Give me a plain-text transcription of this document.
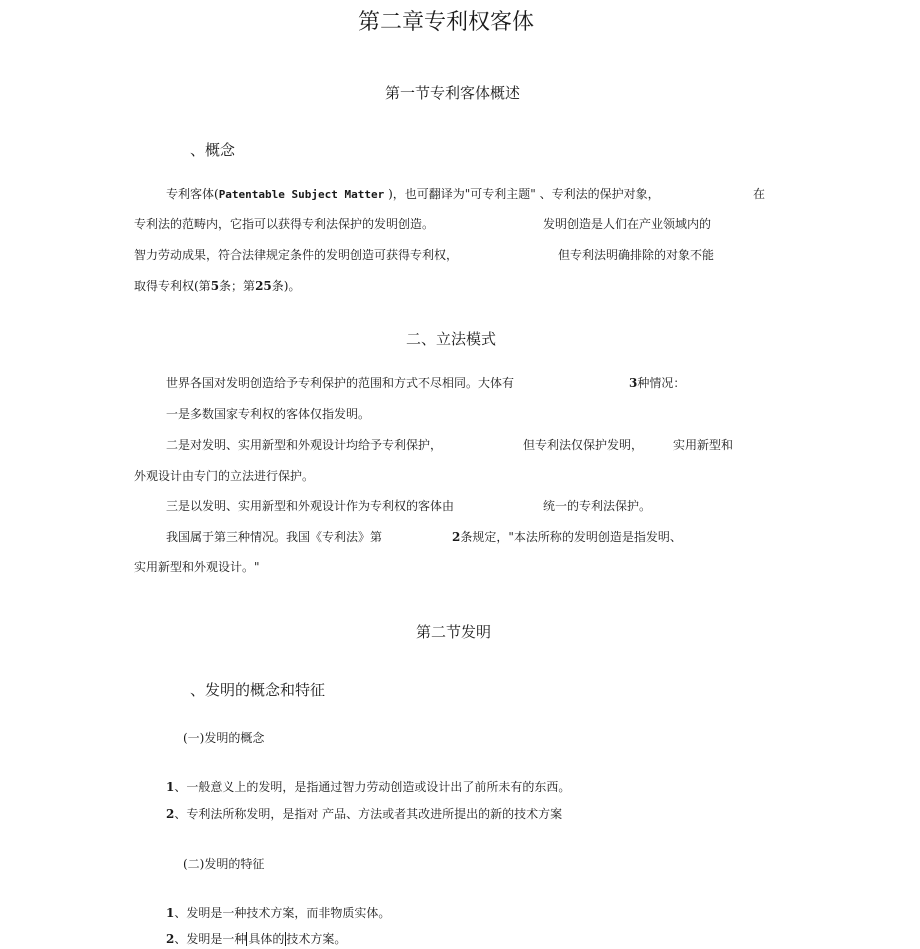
第二章专利权客体
第一节专利客体概述
、概念
专利客体(Patentable Subject Matter )，也可翻译为"可专利主题" 、专利法的保护对象，	在
专利法的范畴内，它指可以获得专利法保护的发明创造。	发明创造是人们在产业领域内的
智力劳动成果，符合法律规定条件的发明创造可获得专利权，	但专利法明确排除的对象不能
取得专利权(第5条；第25条)。
二、立法模式
世界各国对发明创造给予专利保护的范围和方式不尽相同。大体有	3种情况：
一是多数国家专利权的客体仅指发明。
二是对发明、实用新型和外观设计均给予专利保护，	但专利法仅保护发明， 实用新型和
外观设计由专门的立法进行保护。
三是以发明、实用新型和外观设计作为专利权的客体由	统一的专利法保护。
我国属于第三种情况。我国《专利法》第	2条规定，"本法所称的发明创造是指发明、
实用新型和外观设计。"
第二节发明
、发明的概念和特征
(一)发明的概念
1、一般意义上的发明，是指通过智力劳动创造或设计出了前所未有的东西。
2、专利法所称发明，是指对 产品、方法或者其改进所提出的新的技术方案
(二)发明的特征
1、发明是一种技术方案，而非物质实体。
2、发明是一种 具体的 技术方案。
